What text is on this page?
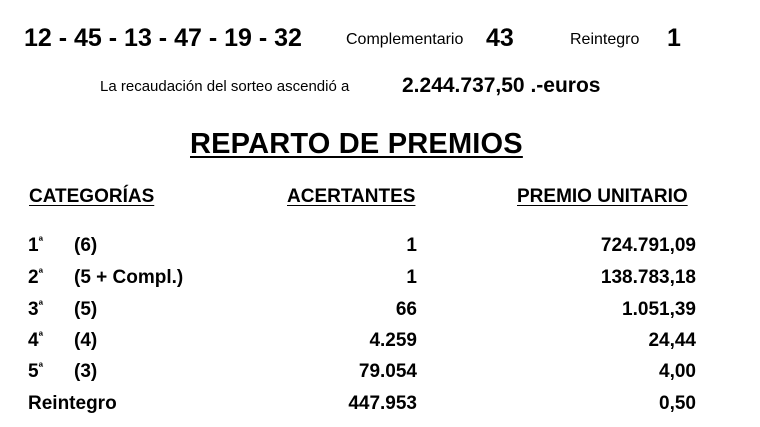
12 - 45 - 13 - 47 - 19 - 32	Complementario 43	Reintegro 1
La recaudación del sorteo ascendió a	2.244.737,50 .-euros
REPARTO DE PREMIOS
CATEGORÍAS	ACERTANTES	PREMIO UNITARIO
$1^ª$ (6)	1	724.791,09
$2^ª$ (5 + Compl.)	1	138.783,18
$3^ª$ (5)	66	1.051,39
$4^ª$ (4)	4.259	24,44
$5^ª$ (3)	79.054	4,00
Reintegro	447.953	0,50
